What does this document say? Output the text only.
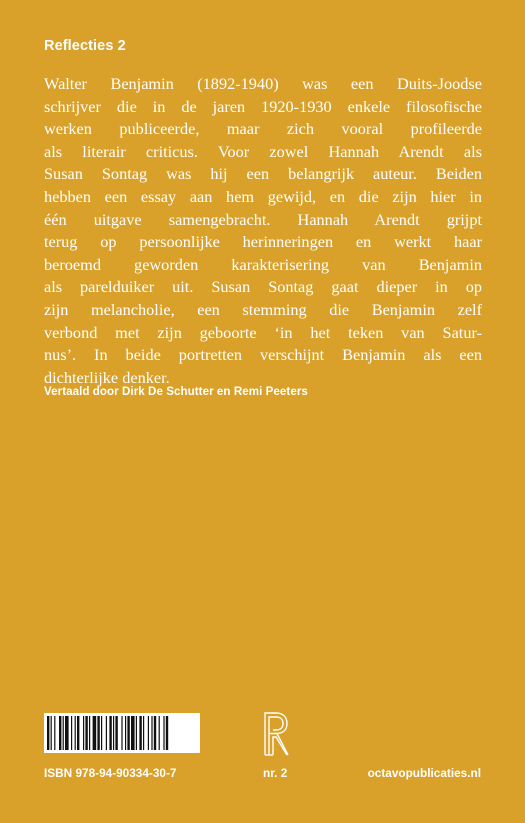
Reflecties 2
Walter Benjamin (1892-1940) was een Duits-Joodse
schrijver die in de jaren 1920-1930 enkele filosofische
werken publiceerde, maar zich vooral profileerde
als literair criticus. Voor zowel Hannah Arendt als
Susan Sontag was hij een belangrijk auteur. Beiden
hebben een essay aan hem gewijd, en die zijn hier in
één uitgave samengebracht. Hannah Arendt grijpt
terug op persoonlijke herinneringen en werkt haar
beroemd geworden karakterisering van Benjamin
als parelduiker uit. Susan Sontag gaat dieper in op
zijn melancholie, een stemming die Benjamin zelf
verbond met zijn geboorte ‘in het teken van Satur-
nus’. In beide portretten verschijnt Benjamin als een
dichterlijke denker.
Vertaald door Dirk De Schutter en Remi Peeters
ISBN 978-94-90334-30-7	nr. 2	octavopublicaties.nl
